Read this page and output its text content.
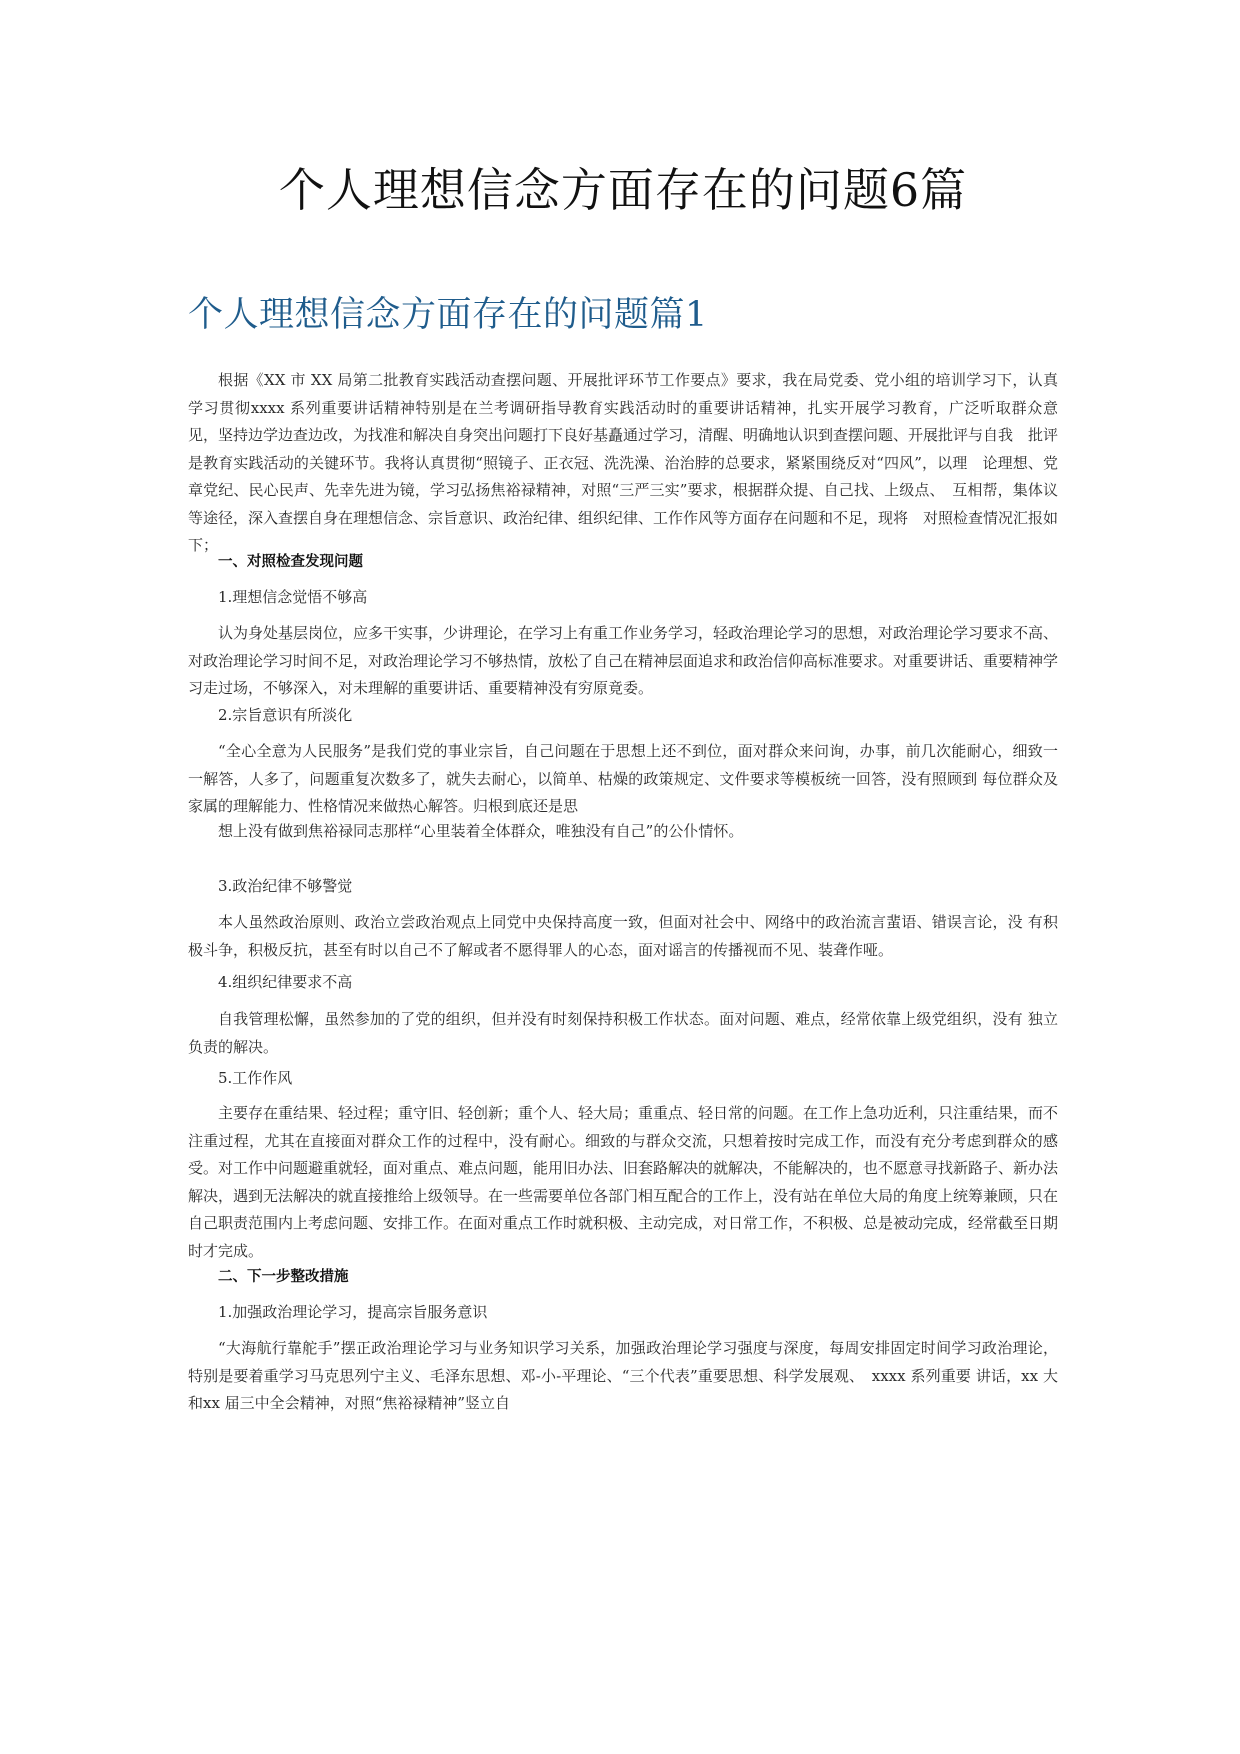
个人理想信念方面存在的问题6篇
个人理想信念方面存在的问题篇1

根据《XX 市 XX 局第二批教育实践活动查摆问题、开展批评环节工作要点》要求，我在局党委、党小组的培训学习下，认真　学习贯彻xxxx 系列重要讲话精神特别是在兰考调研指导教育实践活动时的重要讲话精神，扎实开展学习教育，广泛听取群众意　见，坚持边学边查边改，为找准和解决自身突出问题打下良好基矗通过学习，清醒、明确地认识到查摆问题、开展批评与自我　批评是教育实践活动的关键环节。我将认真贯彻“照镜子、正衣冠、洗洗澡、治治脖的总要求，紧紧围绕反对“四风”，以理　论理想、党章党纪、民心民声、先幸先进为镜，学习弘扬焦裕禄精神，对照“三严三实”要求，根据群众提、自己找、上级点、　互相帮，集体议等途径，深入查摆自身在理想信念、宗旨意识、政治纪律、组织纪律、工作作风等方面存在问题和不足，现将　对照检查情况汇报如下；

一、对照检查发现问题
1.理想信念觉悟不够高

认为身处基层岗位，应多干实事，少讲理论，在学习上有重工作业务学习，轻政治理论学习的思想，对政治理论学习要求不高、对政治理论学习时间不足，对政治理论学习不够热情，放松了自己在精神层面追求和政治信仰高标准要求。对重要讲话、重要精神学习走过场，不够深入，对未理解的重要讲话、重要精神没有穷原竟委。

2.宗旨意识有所淡化

“全心全意为人民服务”是我们党的事业宗旨，自己问题在于思想上还不到位，面对群众来问询，办事，前几次能耐心，细致一一解答，人多了，问题重复次数多了，就失去耐心，以简单、枯燥的政策规定、文件要求等模板统一回答，没有照顾到 每位群众及家属的理解能力、性格情况来做热心解答。归根到底还是思

想上没有做到焦裕禄同志那样“心里装着全体群众，唯独没有自己”的公仆情怀。

3.政治纪律不够警觉

本人虽然政治原则、政治立尝政治观点上同党中央保持高度一致，但面对社会中、网络中的政治流言蜚语、错误言论，没 有积极斗争，积极反抗，甚至有时以自己不了解或者不愿得罪人的心态，面对谣言的传播视而不见、装聋作哑。

4.组织纪律要求不高

自我管理松懈，虽然参加的了党的组织，但并没有时刻保持积极工作状态。面对问题、难点，经常依靠上级党组织，没有 独立负责的解决。

5.工作作风

主要存在重结果、轻过程；重守旧、轻创新；重个人、轻大局；重重点、轻日常的问题。在工作上急功近利，只注重结果，而不注重过程，尤其在直接面对群众工作的过程中，没有耐心。细致的与群众交流，只想着按时完成工作，而没有充分考虑到群众的感受。对工作中问题避重就轻，面对重点、难点问题，能用旧办法、旧套路解决的就解决，不能解决的，也不愿意寻找新路子、新办法解决，遇到无法解决的就直接推给上级领导。在一些需要单位各部门相互配合的工作上，没有站在单位大局的角度上统筹兼顾，只在自己职责范围内上考虑问题、安排工作。在面对重点工作时就积极、主动完成，对日常工作，不积极、总是被动完成，经常截至日期时才完成。

二、下一步整改措施
1.加强政治理论学习，提高宗旨服务意识

“大海航行靠舵手”摆正政治理论学习与业务知识学习关系，加强政治理论学习强度与深度，每周安排固定时间学习政治理论，特别是要着重学习马克思列宁主义、毛泽东思想、邓-小-平理论、“三个代表”重要思想、科学发展观、　xxxx 系列重要 讲话，xx 大和xx 届三中全会精神，对照“焦裕禄精神”竖立自
